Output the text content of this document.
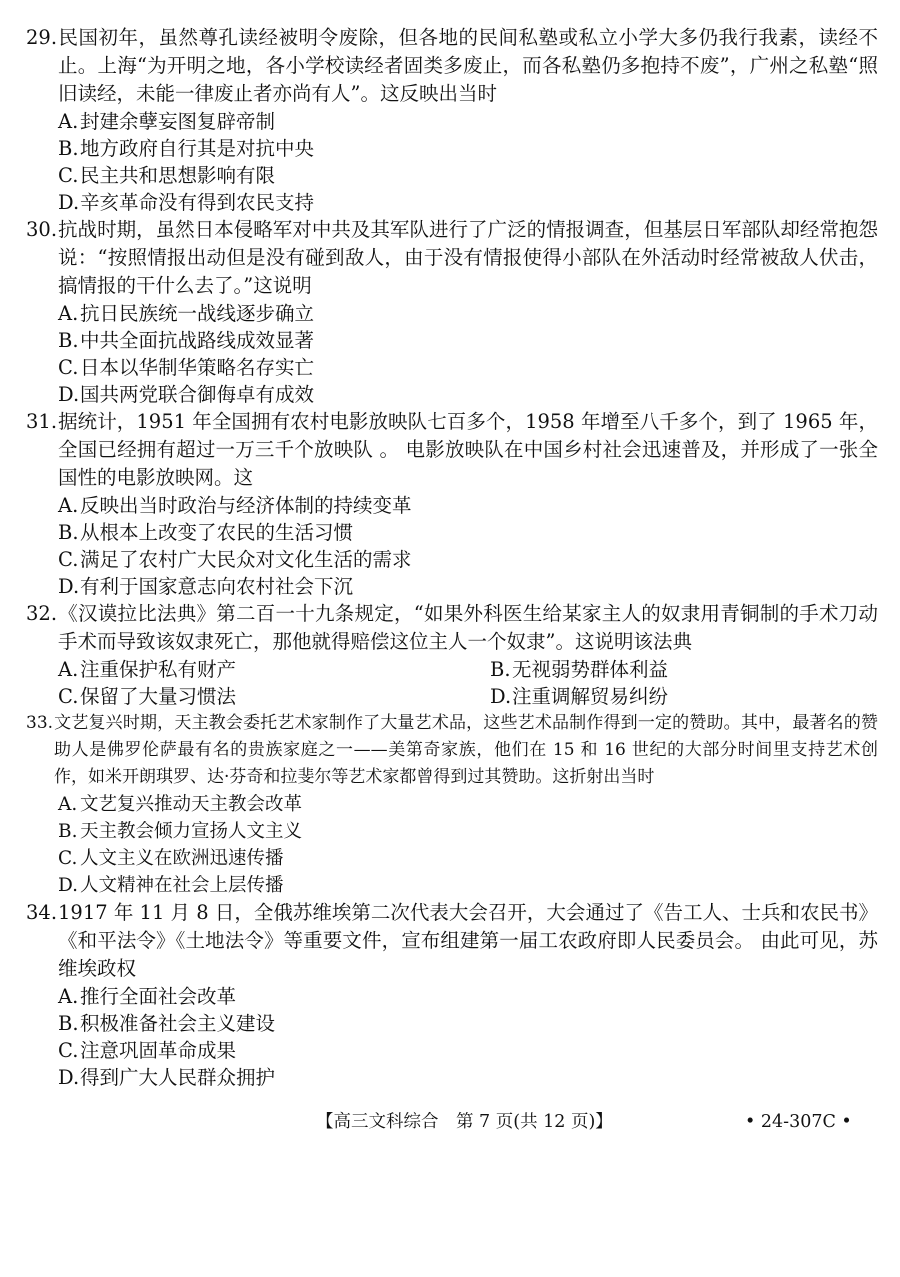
29.民国初年，虽然尊孔读经被明令废除，但各地的民间私塾或私立小学大多仍我行我素，读经不止。上海“为开明之地，各小学校读经者固类多废止，而各私塾仍多抱持不废”，广州之私塾“照旧读经，未能一律废止者亦尚有人”。这反映出当时

A.封建余孽妄图复辟帝制

B.地方政府自行其是对抗中央

C.民主共和思想影响有限

D.辛亥革命没有得到农民支持

30.抗战时期，虽然日本侵略军对中共及其军队进行了广泛的情报调查，但基层日军部队却经常抱怨说：“按照情报出动但是没有碰到敌人，由于没有情报使得小部队在外活动时经常被敌人伏击，搞情报的干什么去了。”这说明

A.抗日民族统一战线逐步确立

B.中共全面抗战路线成效显著

C.日本以华制华策略名存实亡

D.国共两党联合御侮卓有成效

31.据统计，1951 年全国拥有农村电影放映队七百多个，1958 年增至八千多个，到了 1965 年，全国已经拥有超过一万三千个放映队 。 电影放映队在中国乡村社会迅速普及，并形成了一张全国性的电影放映网。这

A.反映出当时政治与经济体制的持续变革

B.从根本上改变了农民的生活习惯

C.满足了农村广大民众对文化生活的需求

D.有利于国家意志向农村社会下沉

32.《汉谟拉比法典》第二百一十九条规定，“如果外科医生给某家主人的奴隶用青铜制的手术刀动手术而导致该奴隶死亡，那他就得赔偿这位主人一个奴隶”。这说明该法典

A.注重保护私有财产	B.无视弱势群体利益

C.保留了大量习惯法	D.注重调解贸易纠纷

33.文艺复兴时期，天主教会委托艺术家制作了大量艺术品，这些艺术品制作得到一定的赞助。其中，最著名的赞助人是佛罗伦萨最有名的贵族家庭之一——美第奇家族，他们在 15 和 16 世纪的大部分时间里支持艺术创作，如米开朗琪罗、达·芬奇和拉斐尔等艺术家都曾得到过其赞助。这折射出当时

A. 文艺复兴推动天主教会改革

B. 天主教会倾力宣扬人文主义

C. 人文主义在欧洲迅速传播

D. 人文精神在社会上层传播

34.1917 年 11 月 8 日，全俄苏维埃第二次代表大会召开，大会通过了《告工人、士兵和农民书》《和平法令》《土地法令》等重要文件，宣布组建第一届工农政府即人民委员会。 由此可见，苏维埃政权

A.推行全面社会改革

B.积极准备社会主义建设

C.注意巩固革命成果

D.得到广大人民群众拥护

【高三文科综合　第 7 页(共 12 页)】	• 24-307C •
